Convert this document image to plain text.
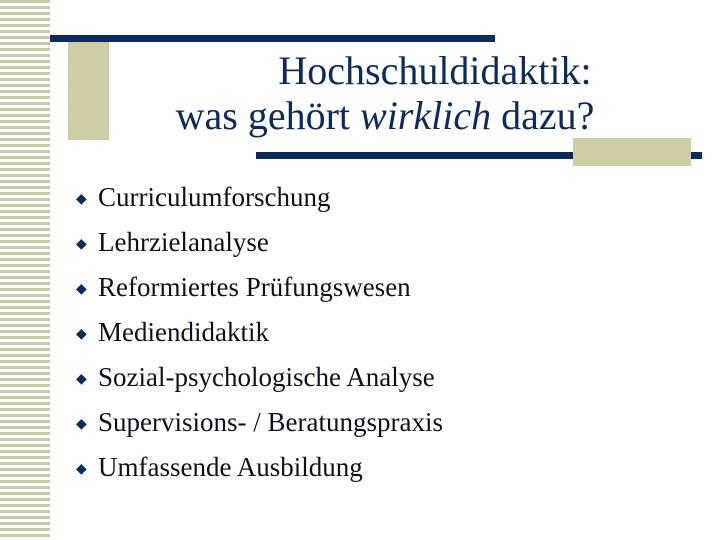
Hochschuldidaktik:
was gehört wirklich dazu?
◆ Curriculumforschung
◆ Lehrzielanalyse
◆ Reformiertes Prüfungswesen
◆ Mediendidaktik
◆ Sozial-psychologische Analyse
◆ Supervisions- / Beratungspraxis
◆ Umfassende Ausbildung
